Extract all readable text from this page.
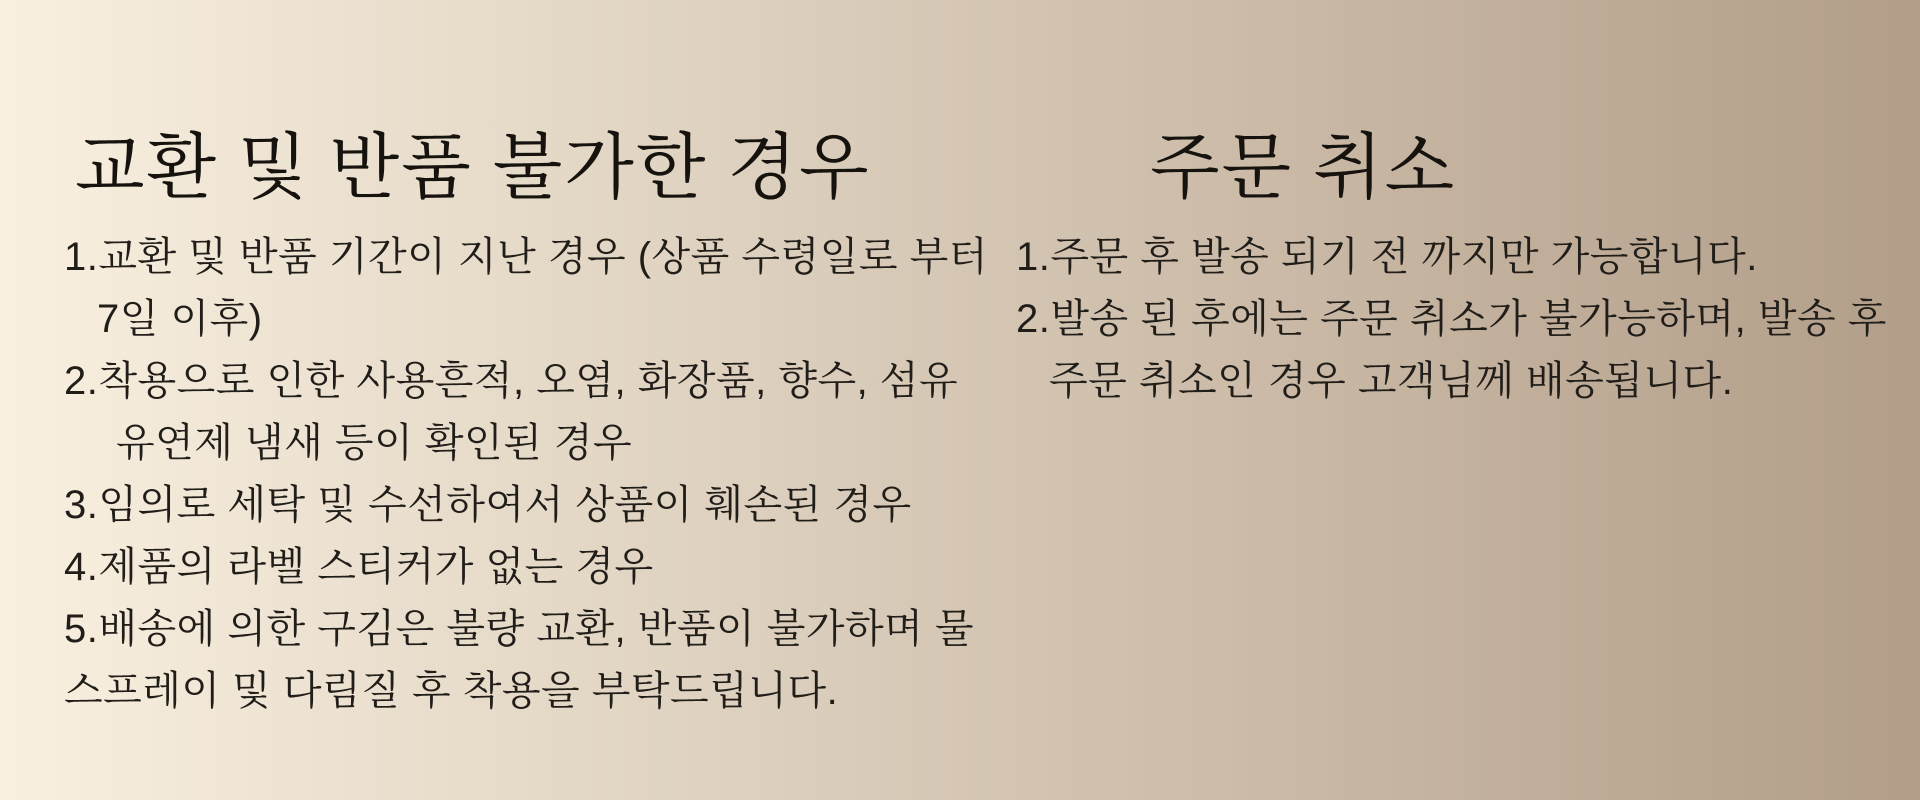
교환 및 반품 불가한 경우
1.교환 및 반품 기간이 지난 경우 (상품 수령일로 부터
7일 이후)
2.착용으로 인한 사용흔적, 오염, 화장품, 향수, 섬유
유연제 냄새 등이 확인된 경우
3.임의로 세탁 및 수선하여서 상품이 훼손된 경우
4.제품의 라벨 스티커가 없는 경우
5.배송에 의한 구김은 불량 교환, 반품이 불가하며 물
스프레이 및 다림질 후 착용을 부탁드립니다.
주문 취소
1.주문 후 발송 되기 전 까지만 가능합니다.
2.발송 된 후에는 주문 취소가 불가능하며, 발송 후
주문 취소인 경우 고객님께 배송됩니다.
